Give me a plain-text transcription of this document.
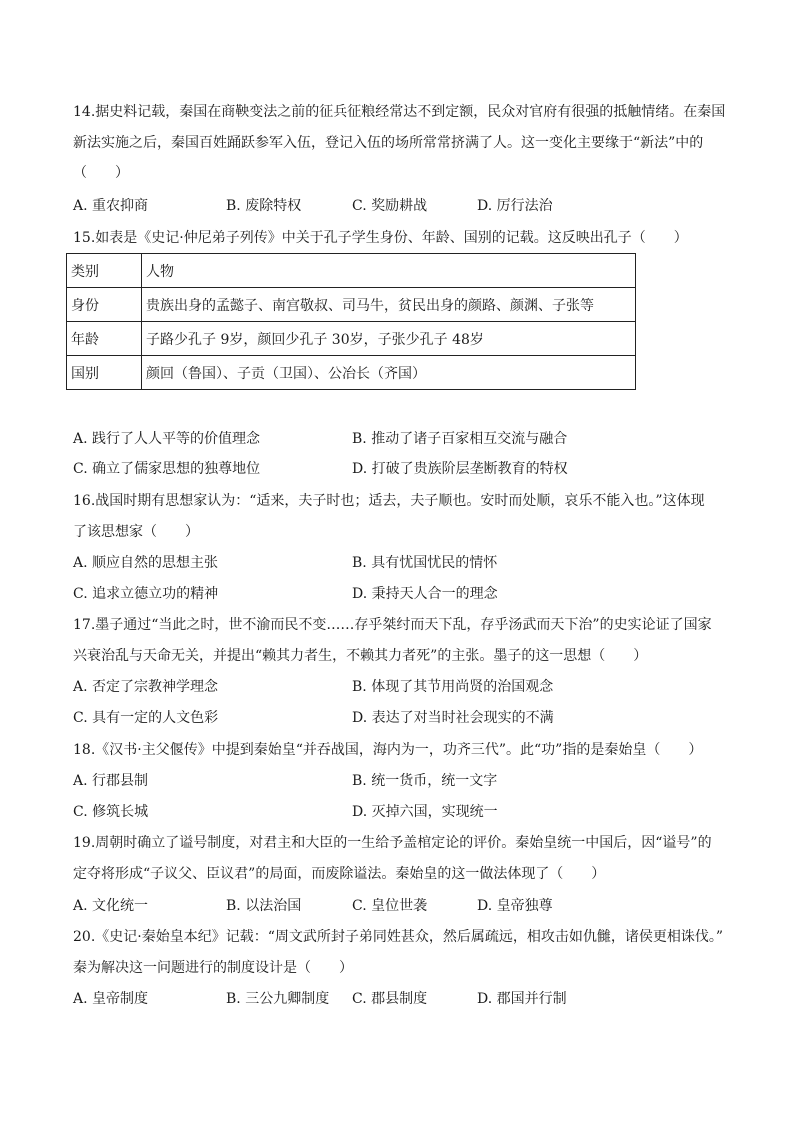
14.据史料记载，秦国在商鞅变法之前的征兵征粮经常达不到定额，民众对官府有很强的抵触情绪。在秦国
新法实施之后，秦国百姓踊跃参军入伍，登记入伍的场所常常挤满了人。这一变化主要缘于“新法”中的
（　　）
A. 重农抑商	B. 废除特权	C. 奖励耕战	D. 厉行法治
15.如表是《史记·仲尼弟子列传》中关于孔子学生身份、年龄、国别的记载。这反映出孔子（　　）
类别	人物
身份	贵族出身的孟懿子、南宫敬叔、司马牛，贫民出身的颜路、颜渊、子张等
年龄	子路少孔子 9岁，颜回少孔子 30岁，子张少孔子 48岁
国别	颜回（鲁国）、子贡（卫国）、公冶长（齐国）
A. 践行了人人平等的价值理念	B. 推动了诸子百家相互交流与融合
C. 确立了儒家思想的独尊地位	D. 打破了贵族阶层垄断教育的特权
16.战国时期有思想家认为：“适来，夫子时也；适去，夫子顺也。安时而处顺，哀乐不能入也。”这体现
了该思想家（　　）
A. 顺应自然的思想主张	B. 具有忧国忧民的情怀
C. 追求立德立功的精神	D. 秉持天人合一的理念
17.墨子通过“当此之时，世不渝而民不变……存乎桀纣而天下乱，存乎汤武而天下治”的史实论证了国家
兴衰治乱与天命无关，并提出“赖其力者生，不赖其力者死”的主张。墨子的这一思想（　　）
A. 否定了宗教神学理念	B. 体现了其节用尚贤的治国观念
C. 具有一定的人文色彩	D. 表达了对当时社会现实的不满
18.《汉书·主父偃传》中提到秦始皇“并吞战国，海内为一，功齐三代”。此“功”指的是秦始皇（　　）
A. 行郡县制	B. 统一货币，统一文字
C. 修筑长城	D. 灭掉六国，实现统一
19.周朝时确立了谥号制度，对君主和大臣的一生给予盖棺定论的评价。秦始皇统一中国后，因“谥号”的
定夺将形成“子议父、臣议君”的局面，而废除谥法。秦始皇的这一做法体现了（　　）
A. 文化统一	B. 以法治国	C. 皇位世袭	D. 皇帝独尊
20.《史记·秦始皇本纪》记载：“周文武所封子弟同姓甚众，然后属疏远，相攻击如仇雠，诸侯更相诛伐。”
秦为解决这一问题进行的制度设计是（　　）
A. 皇帝制度	B. 三公九卿制度 C. 郡县制度	D. 郡国并行制
